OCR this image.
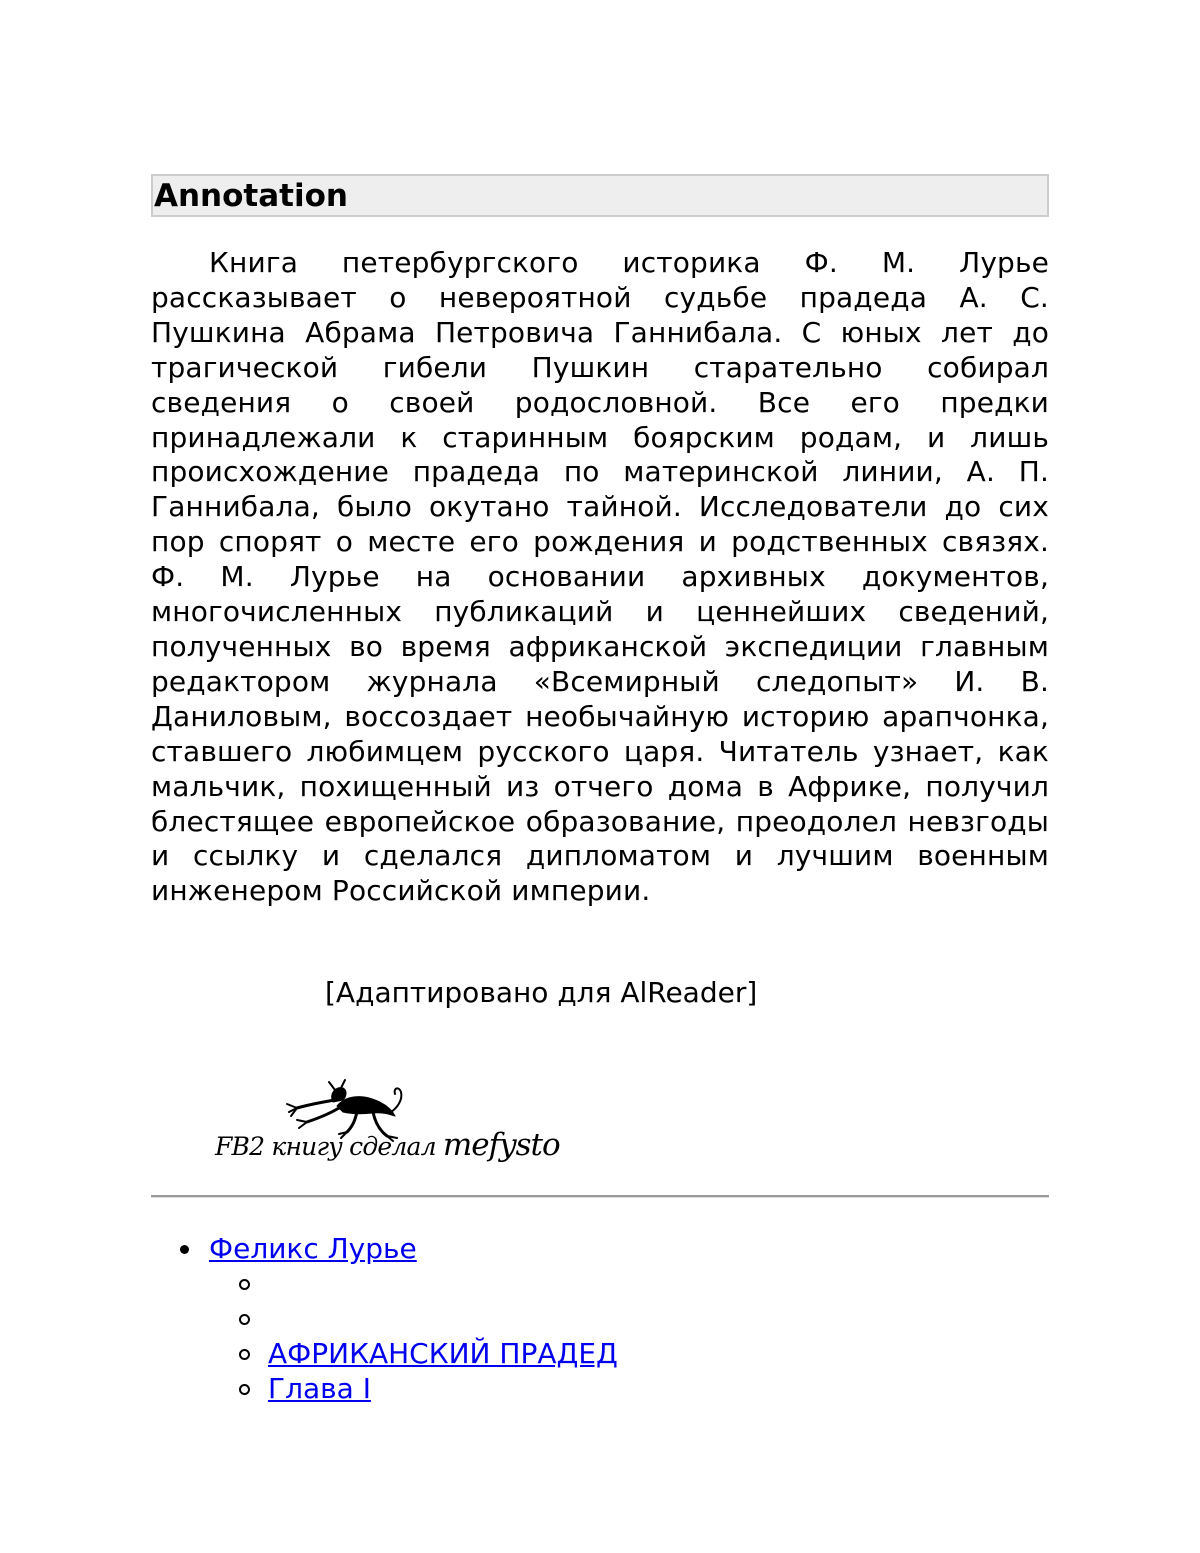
Annotation

Книга петербургского историка Ф. М. Лурье рассказывает о невероятной судьбе прадеда А. С. Пушкина Абрама Петровича Ганнибала. С юных лет до трагической гибели Пушкин старательно собирал сведения о своей родословной. Все его предки принадлежали к старинным боярским родам, и лишь происхождение прадеда по материнской линии, А. П. Ганнибала, было окутано тайной. Исследователи до сих пор спорят о месте его рождения и родственных связях. Ф. М. Лурье на основании архивных документов, многочисленных публикаций и ценнейших сведений, полученных во время африканской экспедиции главным редактором журнала «Всемирный следопыт» И. В. Даниловым, воссоздает необычайную историю арапчонка, ставшего любимцем русского царя. Читатель узнает, как мальчик, похищенный из отчего дома в Африке, получил блестящее европейское образование, преодолел невзгоды и ссылку и сделался дипломатом и лучшим военным инженером Российской империи.

[Адаптировано для AlReader]

FB2 книгу сделал mefysto
Феликс Лурье
АФРИКАНСКИЙ ПРАДЕД
Глава I
